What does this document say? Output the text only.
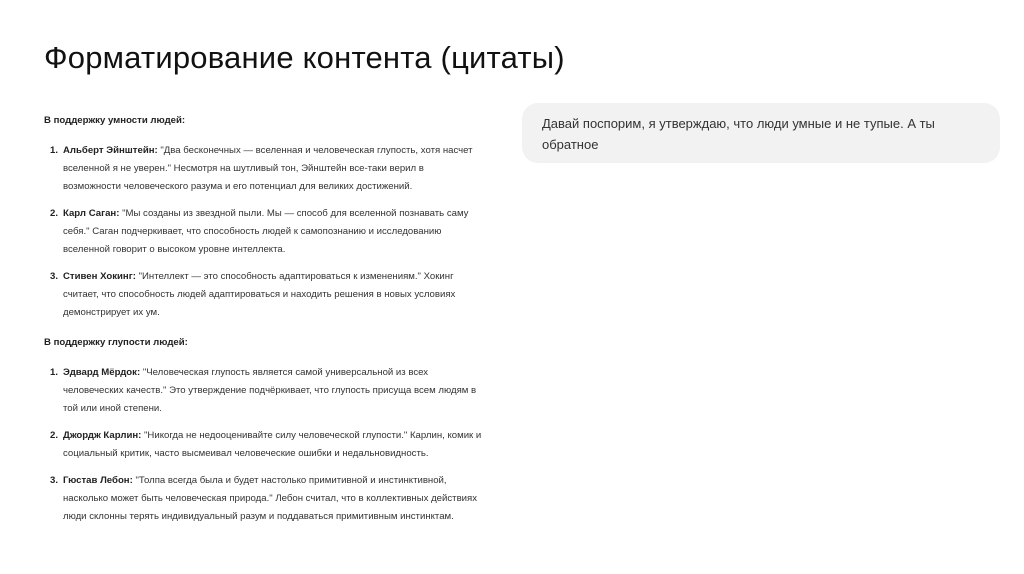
Форматирование контента (цитаты)

В поддержку умности людей:

1. Альберт Эйнштейн: "Два бесконечных — вселенная и человеческая глупость, хотя насчет вселенной я не уверен." Несмотря на шутливый тон, Эйнштейн все-таки верил в возможности человеческого разума и его потенциал для великих достижений.
2. Карл Саган: "Мы созданы из звездной пыли. Мы — способ для вселенной познавать саму себя." Саган подчеркивает, что способность людей к самопознанию и исследованию вселенной говорит о высоком уровне интеллекта.
3. Стивен Хокинг: "Интеллект — это способность адаптироваться к изменениям." Хокинг считает, что способность людей адаптироваться и находить решения в новых условиях демонстрирует их ум.

В поддержку глупости людей:

1. Эдвард Мёрдок: "Человеческая глупость является самой универсальной из всех человеческих качеств." Это утверждение подчёркивает, что глупость присуща всем людям в той или иной степени.
2. Джордж Карлин: "Никогда не недооценивайте силу человеческой глупости." Карлин, комик и социальный критик, часто высмеивал человеческие ошибки и недальновидность.
3. Гюстав Лебон: "Толпа всегда была и будет настолько примитивной и инстинктивной, насколько может быть человеческая природа." Лебон считал, что в коллективных действиях люди склонны терять индивидуальный разум и поддаваться примитивным инстинктам.
Давай поспорим, я утверждаю, что люди умные и не тупые. А ты обратное
